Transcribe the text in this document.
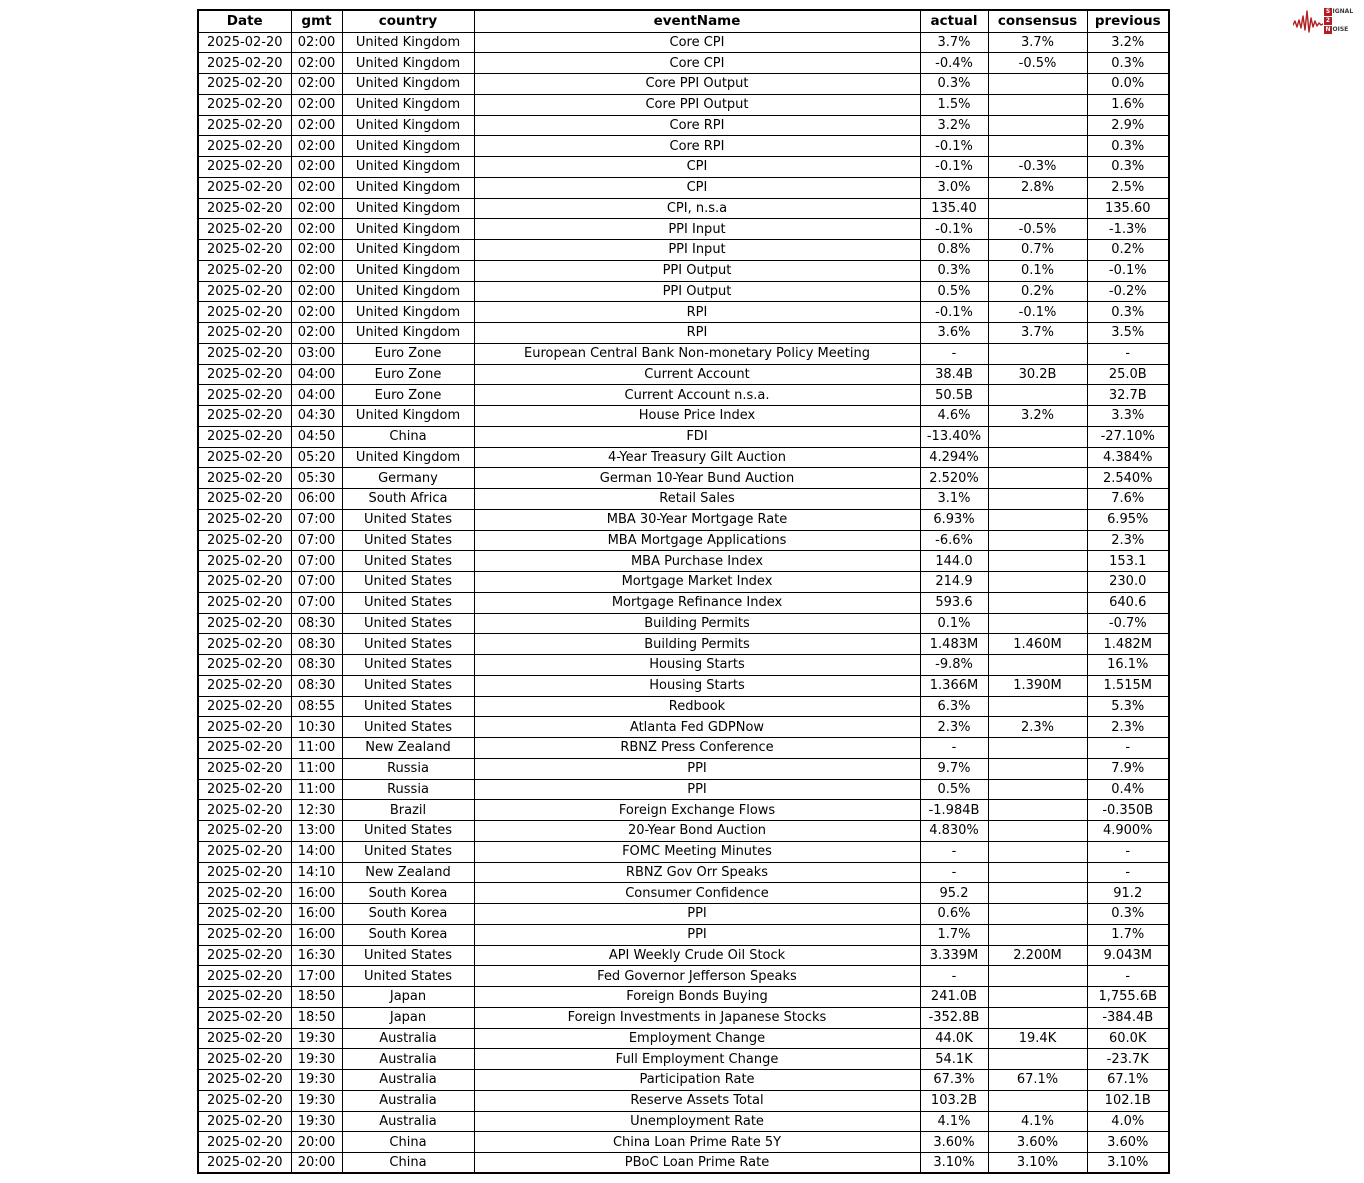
Date	gmt	country	eventName	actual	consensus	previous
2025-02-20	02:00	United Kingdom	Core CPI	3.7%	3.7%	3.2%
2025-02-20	02:00	United Kingdom	Core CPI	-0.4%	-0.5%	0.3%
2025-02-20	02:00	United Kingdom	Core PPI Output	0.3%		0.0%
2025-02-20	02:00	United Kingdom	Core PPI Output	1.5%		1.6%
2025-02-20	02:00	United Kingdom	Core RPI	3.2%		2.9%
2025-02-20	02:00	United Kingdom	Core RPI	-0.1%		0.3%
2025-02-20	02:00	United Kingdom	CPI	-0.1%	-0.3%	0.3%
2025-02-20	02:00	United Kingdom	CPI	3.0%	2.8%	2.5%
2025-02-20	02:00	United Kingdom	CPI, n.s.a	135.40		135.60
2025-02-20	02:00	United Kingdom	PPI Input	-0.1%	-0.5%	-1.3%
2025-02-20	02:00	United Kingdom	PPI Input	0.8%	0.7%	0.2%
2025-02-20	02:00	United Kingdom	PPI Output	0.3%	0.1%	-0.1%
2025-02-20	02:00	United Kingdom	PPI Output	0.5%	0.2%	-0.2%
2025-02-20	02:00	United Kingdom	RPI	-0.1%	-0.1%	0.3%
2025-02-20	02:00	United Kingdom	RPI	3.6%	3.7%	3.5%
2025-02-20	03:00	Euro Zone	European Central Bank Non-monetary Policy Meeting	-		-
2025-02-20	04:00	Euro Zone	Current Account	38.4B	30.2B	25.0B
2025-02-20	04:00	Euro Zone	Current Account n.s.a.	50.5B		32.7B
2025-02-20	04:30	United Kingdom	House Price Index	4.6%	3.2%	3.3%
2025-02-20	04:50	China	FDI	-13.40%		-27.10%
2025-02-20	05:20	United Kingdom	4-Year Treasury Gilt Auction	4.294%		4.384%
2025-02-20	05:30	Germany	German 10-Year Bund Auction	2.520%		2.540%
2025-02-20	06:00	South Africa	Retail Sales	3.1%		7.6%
2025-02-20	07:00	United States	MBA 30-Year Mortgage Rate	6.93%		6.95%
2025-02-20	07:00	United States	MBA Mortgage Applications	-6.6%		2.3%
2025-02-20	07:00	United States	MBA Purchase Index	144.0		153.1
2025-02-20	07:00	United States	Mortgage Market Index	214.9		230.0
2025-02-20	07:00	United States	Mortgage Refinance Index	593.6		640.6
2025-02-20	08:30	United States	Building Permits	0.1%		-0.7%
2025-02-20	08:30	United States	Building Permits	1.483M	1.460M	1.482M
2025-02-20	08:30	United States	Housing Starts	-9.8%		16.1%
2025-02-20	08:30	United States	Housing Starts	1.366M	1.390M	1.515M
2025-02-20	08:55	United States	Redbook	6.3%		5.3%
2025-02-20	10:30	United States	Atlanta Fed GDPNow	2.3%	2.3%	2.3%
2025-02-20	11:00	New Zealand	RBNZ Press Conference	-		-
2025-02-20	11:00	Russia	PPI	9.7%		7.9%
2025-02-20	11:00	Russia	PPI	0.5%		0.4%
2025-02-20	12:30	Brazil	Foreign Exchange Flows	-1.984B		-0.350B
2025-02-20	13:00	United States	20-Year Bond Auction	4.830%		4.900%
2025-02-20	14:00	United States	FOMC Meeting Minutes	-		-
2025-02-20	14:10	New Zealand	RBNZ Gov Orr Speaks	-		-
2025-02-20	16:00	South Korea	Consumer Confidence	95.2		91.2
2025-02-20	16:00	South Korea	PPI	0.6%		0.3%
2025-02-20	16:00	South Korea	PPI	1.7%		1.7%
2025-02-20	16:30	United States	API Weekly Crude Oil Stock	3.339M	2.200M	9.043M
2025-02-20	17:00	United States	Fed Governor Jefferson Speaks	-		-
2025-02-20	18:50	Japan	Foreign Bonds Buying	241.0B		1,755.6B
2025-02-20	18:50	Japan	Foreign Investments in Japanese Stocks	-352.8B		-384.4B
2025-02-20	19:30	Australia	Employment Change	44.0K	19.4K	60.0K
2025-02-20	19:30	Australia	Full Employment Change	54.1K		-23.7K
2025-02-20	19:30	Australia	Participation Rate	67.3%	67.1%	67.1%
2025-02-20	19:30	Australia	Reserve Assets Total	103.2B		102.1B
2025-02-20	19:30	Australia	Unemployment Rate	4.1%	4.1%	4.0%
2025-02-20	20:00	China	China Loan Prime Rate 5Y	3.60%	3.60%	3.60%
2025-02-20	20:00	China	PBoC Loan Prime Rate	3.10%	3.10%	3.10%
S IGNAL
2
N OISE
